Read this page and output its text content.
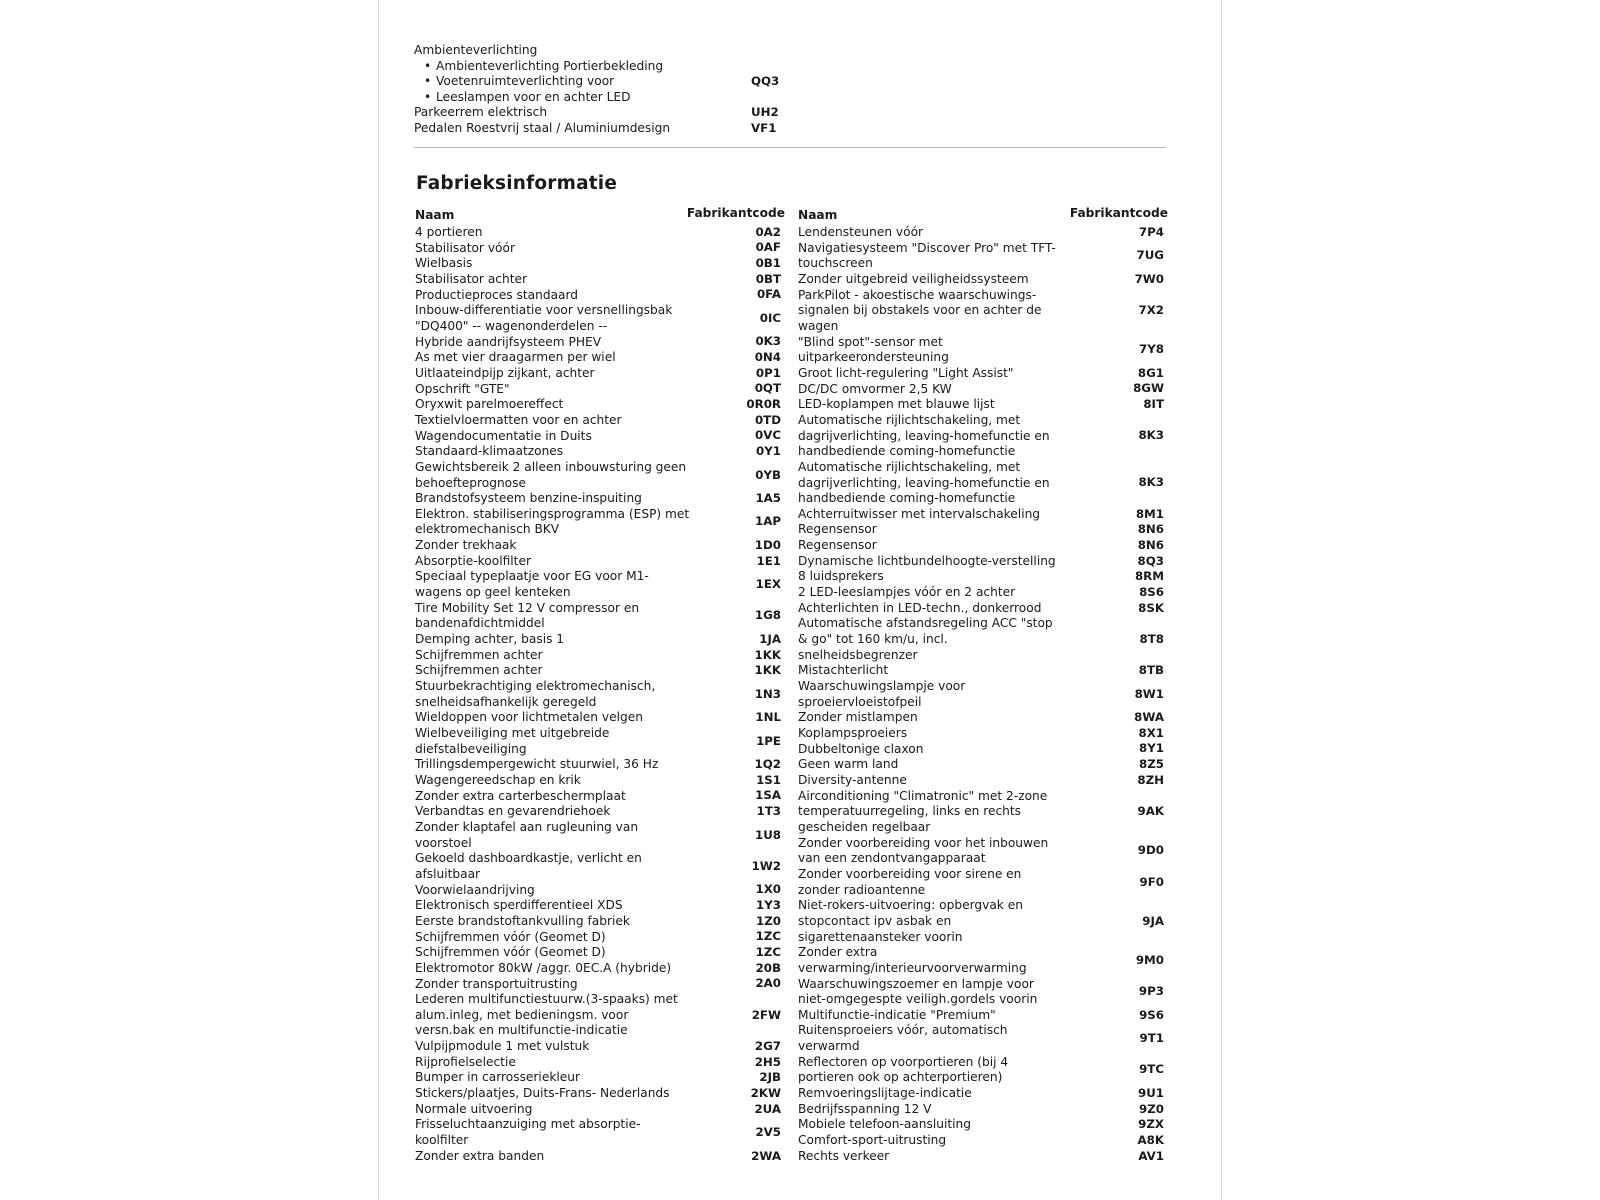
Ambienteverlichting
• Ambienteverlichting Portierbekleding
• Voetenruimteverlichting voor	QQ3
• Leeslampen voor en achter LED
Parkeerrem elektrisch	UH2
Pedalen Roestvrij staal / Aluminiumdesign	VF1
Fabrieksinformatie
Naam	Fabrikantcode
4 portieren	0A2
Stabilisator vóór	0AF
Wielbasis	0B1
Stabilisator achter	0BT
Productieproces standaard	0FA
Inbouw-differentiatie voor versnellingsbak "DQ400" -- wagenonderdelen --
0IC
Hybride aandrijfsysteem PHEV	0K3
As met vier draagarmen per wiel	0N4
Uitlaateindpijp zijkant, achter	0P1
Opschrift "GTE"	0QT
Oryxwit parelmoereffect	0R0R
Textielvloermatten voor en achter	0TD
Wagendocumentatie in Duits	0VC
Standaard-klimaatzones	0Y1
Gewichtsbereik 2 alleen inbouwsturing geen behoefteprognose
0YB
Brandstofsysteem benzine-inspuiting	1A5
Elektron. stabiliseringsprogramma (ESP) met elektromechanisch BKV
1AP
Zonder trekhaak	1D0
Absorptie-koolfilter	1E1
Speciaal typeplaatje voor EG voor M1-wagens op geel kenteken
1EX
Tire Mobility Set 12 V compressor en bandenafdichtmiddel
1G8
Demping achter, basis 1	1JA
Schijfremmen achter	1KK
Schijfremmen achter	1KK
Stuurbekrachtiging elektromechanisch, snelheidsafhankelijk geregeld
1N3
Wieldoppen voor lichtmetalen velgen	1NL
Wielbeveiliging met uitgebreide diefstalbeveiliging
1PE
Trillingsdempergewicht stuurwiel, 36 Hz	1Q2
Wagengereedschap en krik	1S1
Zonder extra carterbeschermplaat	1SA
Verbandtas en gevarendriehoek	1T3
Zonder klaptafel aan rugleuning van voorstoel
1U8
Gekoeld dashboardkastje, verlicht en afsluitbaar
1W2
Voorwielaandrijving	1X0
Elektronisch sperdifferentieel XDS	1Y3
Eerste brandstoftankvulling fabriek	1Z0
Schijfremmen vóór (Geomet D)	1ZC
Schijfremmen vóór (Geomet D)	1ZC
Elektromotor 80kW /aggr. 0EC.A (hybride)	20B
Zonder transportuitrusting	2A0
Lederen multifunctiestuurw.(3-spaaks) met alum.inleg, met bedieningsm. voor versn.bak en multifunctie-indicatie
2FW
Vulpijpmodule 1 met vulstuk	2G7
Rijprofielselectie	2H5
Bumper in carrosseriekleur	2JB
Stickers/plaatjes, Duits-Frans- Nederlands	2KW
Normale uitvoering	2UA
Frisseluchtaanzuiging met absorptie-koolfilter
2V5
Zonder extra banden	2WA
Naam	Fabrikantcode
Lendensteunen vóór	7P4
Navigatiesysteem "Discover Pro" met TFT-touchscreen
7UG
Zonder uitgebreid veiligheidssysteem	7W0
ParkPilot - akoestische waarschuwings-signalen bij obstakels voor en achter de wagen
7X2
"Blind spot"-sensor met uitparkeerondersteuning
7Y8
Groot licht-regulering "Light Assist"	8G1
DC/DC omvormer 2,5 KW	8GW
LED-koplampen met blauwe lijst	8IT
Automatische rijlichtschakeling, met dagrijverlichting, leaving-homefunctie en handbediende coming-homefunctie
8K3
Automatische rijlichtschakeling, met dagrijverlichting, leaving-homefunctie en handbediende coming-homefunctie
8K3
Achterruitwisser met intervalschakeling	8M1
Regensensor	8N6
Regensensor	8N6
Dynamische lichtbundelhoogte-verstelling	8Q3
8 luidsprekers	8RM
2 LED-leeslampjes vóór en 2 achter	8S6
Achterlichten in LED-techn., donkerrood	8SK
Automatische afstandsregeling ACC "stop & go" tot 160 km/u, incl. snelheidsbegrenzer
8T8
Mistachterlicht	8TB
Waarschuwingslampje voor sproeiervloeistofpeil
8W1
Zonder mistlampen	8WA
Koplampsproeiers	8X1
Dubbeltonige claxon	8Y1
Geen warm land	8Z5
Diversity-antenne	8ZH
Airconditioning "Climatronic" met 2-zone temperatuurregeling, links en rechts gescheiden regelbaar
9AK
Zonder voorbereiding voor het inbouwen van een zendontvangapparaat
9D0
Zonder voorbereiding voor sirene en zonder radioantenne
9F0
Niet-rokers-uitvoering: opbergvak en stopcontact ipv asbak en sigarettenaansteker voorin
9JA
Zonder extra verwarming/interieurvoorverwarming
9M0
Waarschuwingszoemer en lampje voor niet-omgegespte veiligh.gordels voorin
9P3
Multifunctie-indicatie "Premium"	9S6
Ruitensproeiers vóór, automatisch verwarmd
9T1
Reflectoren op voorportieren (bij 4 portieren ook op achterportieren)
9TC
Remvoeringslijtage-indicatie	9U1
Bedrijfsspanning 12 V	9Z0
Mobiele telefoon-aansluiting	9ZX
Comfort-sport-uitrusting	A8K
Rechts verkeer	AV1
